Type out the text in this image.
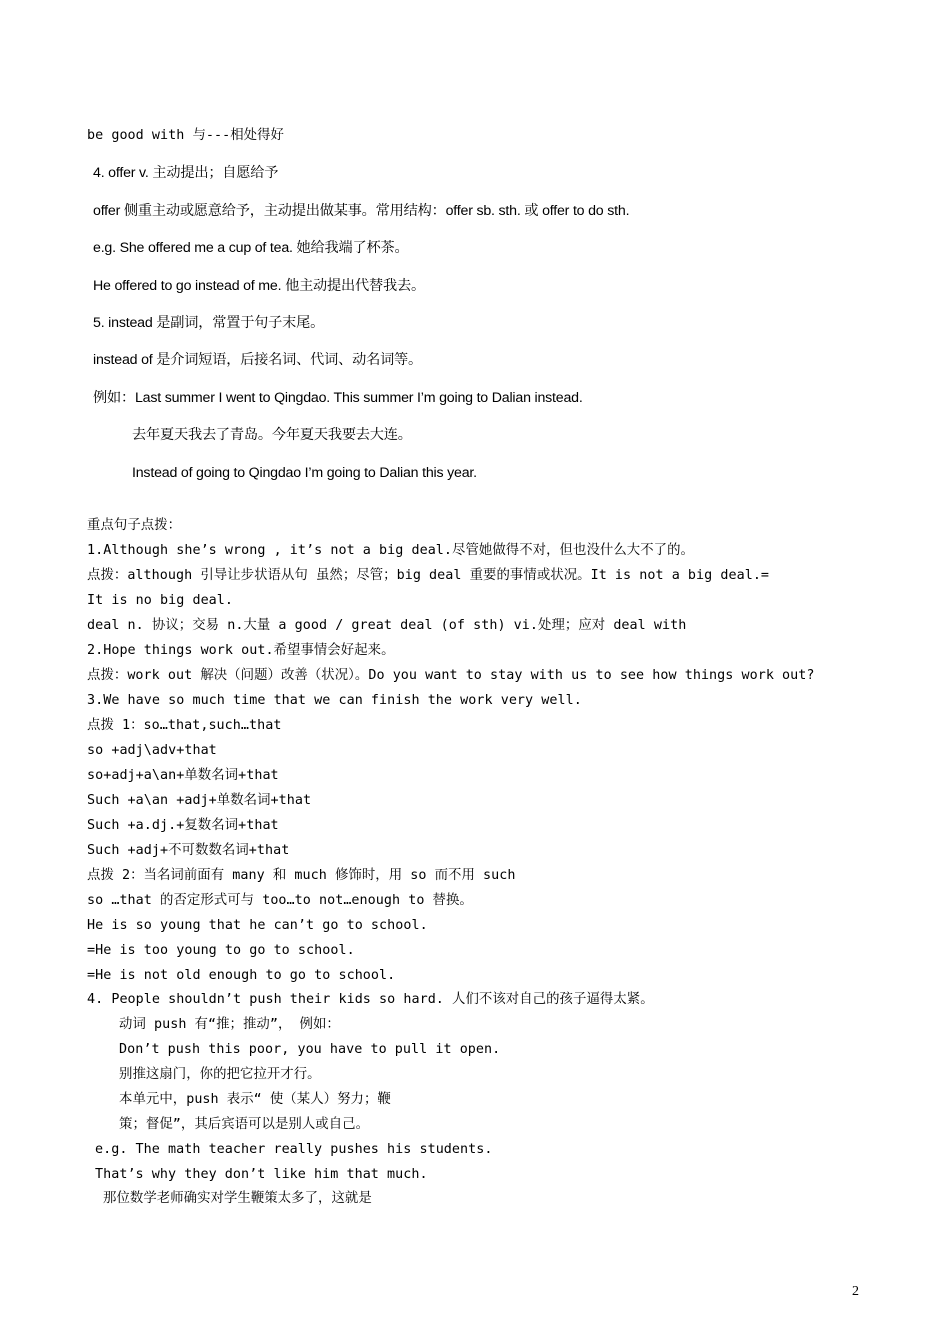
be good with 与---相处得好
4. offer v. 主动提出；自愿给予
offer 侧重主动或愿意给予，主动提出做某事。常用结构：offer sb. sth. 或 offer to do sth.
e.g. She offered me a cup of tea. 她给我端了杯茶。
He offered to go instead of me. 他主动提出代替我去。
5. instead 是副词，常置于句子末尾。
instead of 是介词短语，后接名词、代词、动名词等。
例如：Last summer I went to Qingdao. This summer I’m going to Dalian instead.
去年夏天我去了青岛。今年夏天我要去大连。
Instead of going to Qingdao I’m going to Dalian this year.
重点句子点拨：
1.Although she’s wrong , it’s not a big deal.尽管她做得不对，但也没什么大不了的。
点拨：although 引导让步状语从句 虽然；尽管；big deal 重要的事情或状况。It is not a big deal.=
It is no big deal.
deal n. 协议；交易 n.大量 a good / great deal (of sth) vi.处理；应对 deal with
2.Hope things work out.希望事情会好起来。
点拨：work out 解决（问题）改善（状况）。Do you want to stay with us to see how things work out?
3.We have so much time that we can finish the work very well.
点拨 1：so…that,such…that
so +adj\adv+that
so+adj+a\an+单数名词+that
Such +a\an +adj+单数名词+that
Such +a.dj.+复数名词+that
Such +adj+不可数数名词+that
点拨 2：当名词前面有 many 和 much 修饰时，用 so 而不用 such
so …that 的否定形式可与 too…to not…enough to 替换。
He is so young that he can’t go to school.
=He is too young to go to school.
=He is not old enough to go to school.
4. People shouldn’t push their kids so hard. 人们不该对自己的孩子逼得太紧。
动词 push 有“推；推动”， 例如：
Don’t push this poor, you have to pull it open.
别推这扇门，你的把它拉开才行。
本单元中，push 表示“ 使（某人）努力；鞭
策；督促”，其后宾语可以是别人或自己。
e.g. The math teacher really pushes his students.
That’s why they don’t like him that much.
那位数学老师确实对学生鞭策太多了，这就是
2
